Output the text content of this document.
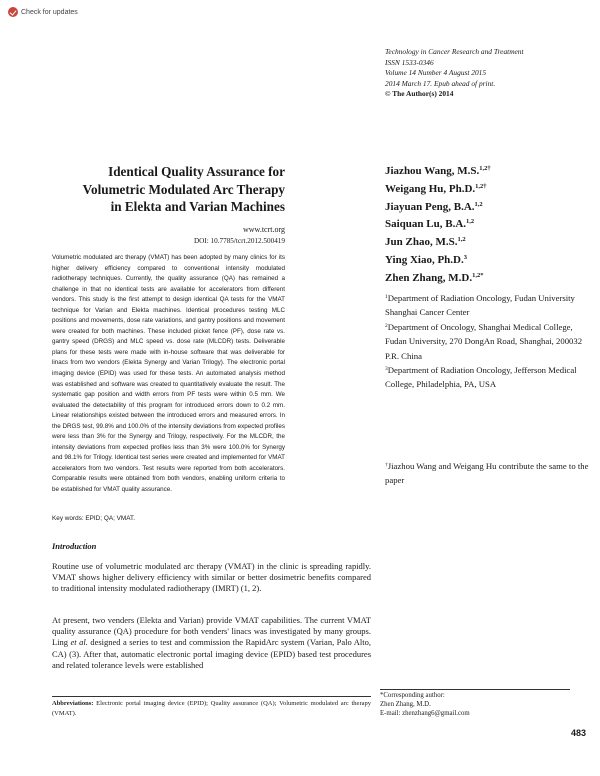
Check for updates
Technology in Cancer Research and Treatment
ISSN 1533-0346
Volume 14 Number 4 August 2015
2014 March 17. Epub ahead of print.
© The Author(s) 2014
Identical Quality Assurance for Volumetric Modulated Arc Therapy in Elekta and Varian Machines
www.tcrt.org
DOI: 10.7785/tcrt.2012.500419
Jiazhou Wang, M.S.$^{1,2\dagger}$
Weigang Hu, Ph.D.$^{1,2\dagger}$
Jiayuan Peng, B.A.$^{1,2}$
Saiquan Lu, B.A.$^{1,2}$
Jun Zhao, M.S.$^{1,2}$
Ying Xiao, Ph.D.$^3$
Zhen Zhang, M.D.$^{1,2*}$
$^1$Department of Radiation Oncology, Fudan University Shanghai Cancer Center
$^2$Department of Oncology, Shanghai Medical College, Fudan University, 270 DongAn Road, Shanghai, 200032 P.R. China
$^3$Department of Radiation Oncology, Jefferson Medical College, Philadelphia, PA, USA
†Jiazhou Wang and Weigang Hu contribute the same to the paper
Volumetric modulated arc therapy (VMAT) has been adopted by many clinics for its higher delivery efficiency compared to conventional intensity modulated radiotherapy techniques. Currently, the quality assurance (QA) has remained a challenge in that no identical tests are available for accelerators from different vendors. This study is the first attempt to design identical QA tests for the VMAT technique for Varian and Elekta machines. Identical procedures testing MLC positions and movements, dose rate variations, and gantry positions and movement were created for both machines. These included picket fence (PF), dose rate vs. gantry speed (DRGS) and MLC speed vs. dose rate (MLCDR) tests. Deliverable plans for these tests were made with in-house software that was deliverable for linacs from two vendors (Elekta Synergy and Varian Trilogy). The electronic portal imaging device (EPID) was used for these tests. An automated analysis method was established and software was created to quantitatively evaluate the result. The systematic gap position and width errors from PF tests were within 0.5 mm. We evaluated the detectability of this program for introduced errors down to 0.2 mm. Linear relationships existed between the introduced errors and measured errors. In the DRGS test, 99.8% and 100.0% of the intensity deviations from expected profiles were less than 3% for the Synergy and Trilogy, respectively. For the MLCDR, the intensity deviations from expected profiles less than 3% were 100.0% for Synergy and 98.1% for Trilogy. Identical test series were created and implemented for VMAT accelerators from two vendors. Test results were reported from both accelerators. Comparable results were obtained from both vendors, enabling uniform criteria to be established for VMAT quality assurance.
Key words: EPID; QA; VMAT.
Introduction
Routine use of volumetric modulated arc therapy (VMAT) in the clinic is spreading rapidly. VMAT shows higher delivery efficiency with similar or better dosimetric benefits compared to traditional intensity modulated radiotherapy (IMRT) (1, 2).
At present, two venders (Elekta and Varian) provide VMAT capabilities. The current VMAT quality assurance (QA) procedure for both venders' linacs was investigated by many groups. Ling et al. designed a series to test and commission the RapidArc system (Varian, Palo Alto, CA) (3). After that, automatic electronic portal imaging device (EPID) based test procedures and related tolerance levels were established
Abbreviations: Electronic portal imaging device (EPID); Quality assurance (QA); Volumetric modulated arc therapy (VMAT).
*Corresponding author:
Zhen Zhang, M.D.
E-mail: zhenzhang6@gmail.com
483
